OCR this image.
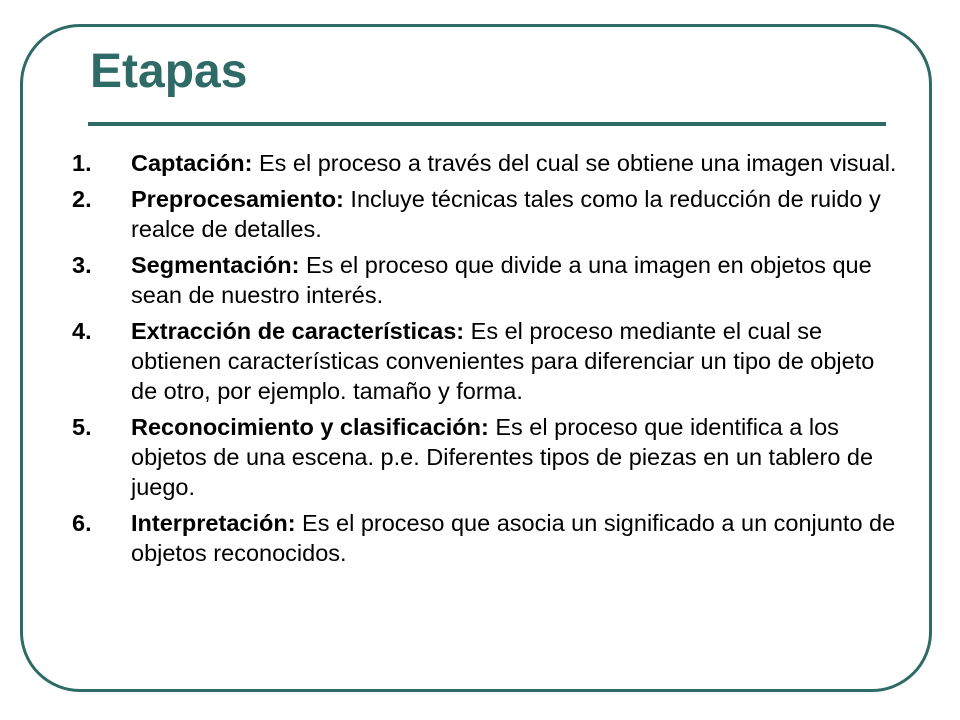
Etapas
1. Captación: Es el proceso a través del cual se obtiene una imagen visual.
2. Preprocesamiento: Incluye técnicas tales como la reducción de ruido y realce de detalles.
3. Segmentación: Es el proceso que divide a una imagen en objetos que sean de nuestro interés.
4. Extracción de características: Es el proceso mediante el cual se obtienen características convenientes para diferenciar un tipo de objeto de otro, por ejemplo. tamaño y forma.
5. Reconocimiento y clasificación: Es el proceso que identifica a los objetos de una escena. p.e. Diferentes tipos de piezas en un tablero de juego.
6. Interpretación: Es el proceso que asocia un significado a un conjunto de objetos reconocidos.
